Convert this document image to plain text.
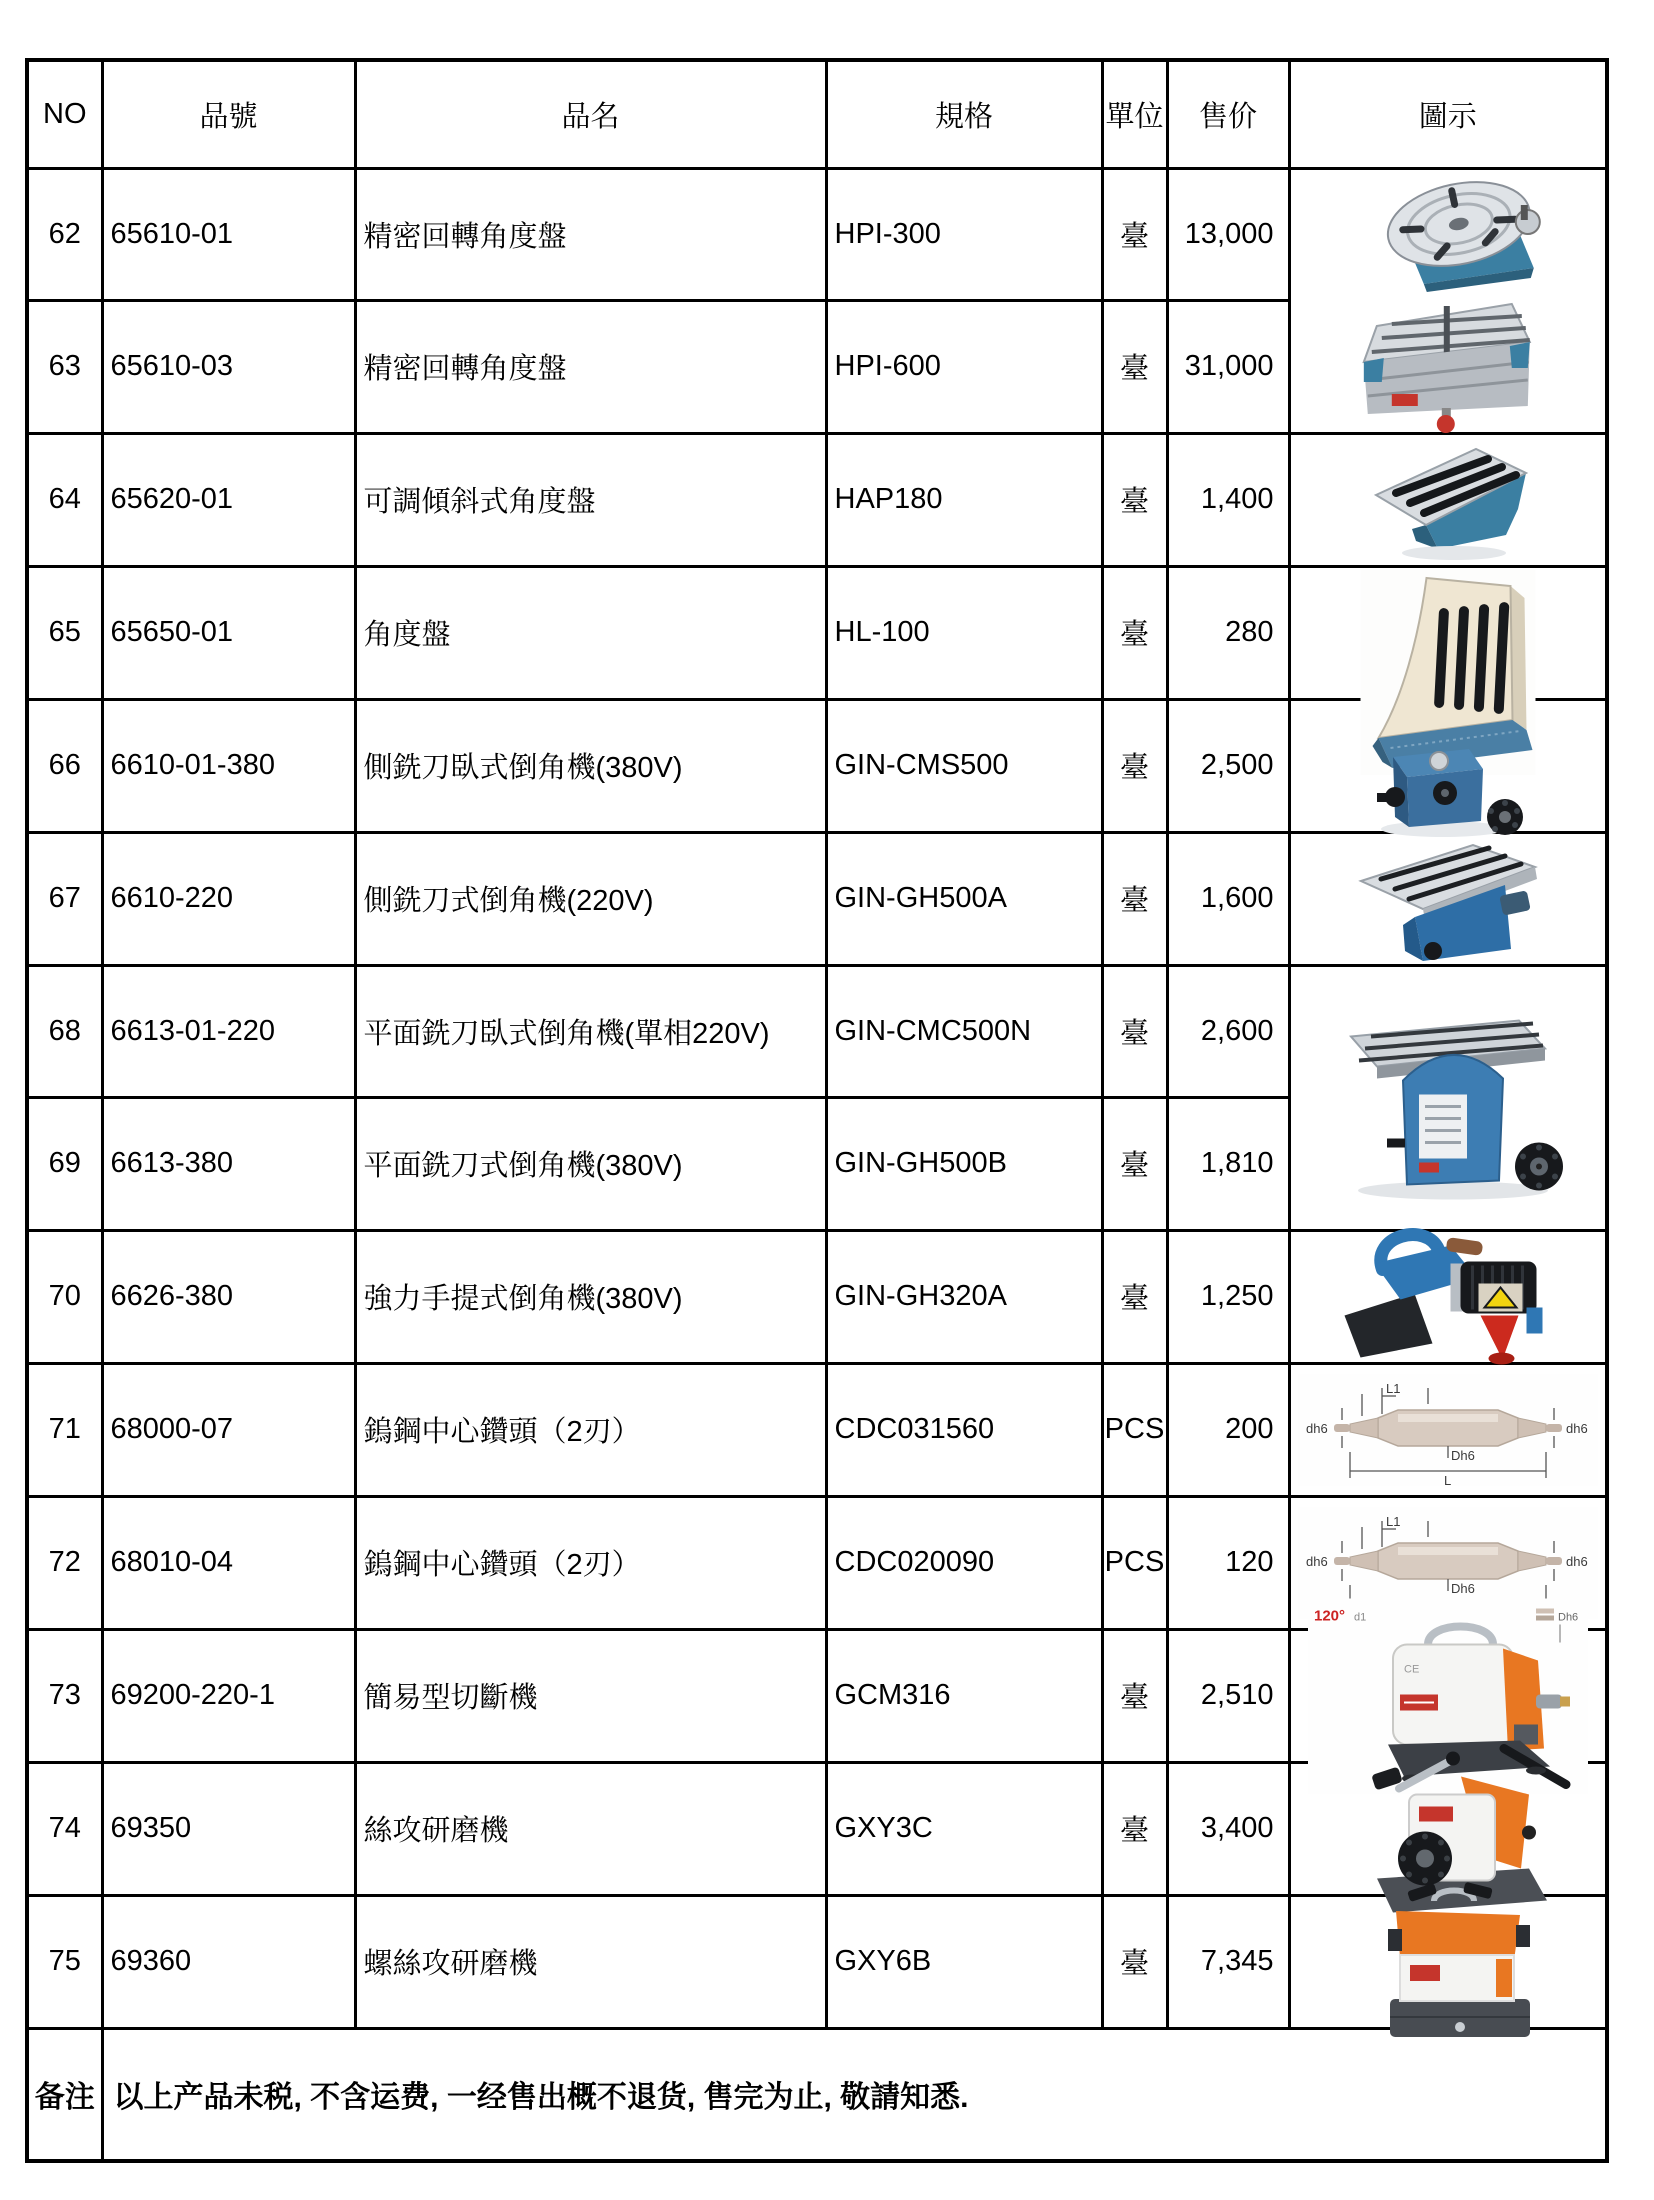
NO	品號	品名	規格	單位	售价	圖示
62	65610-01	精密回轉角度盤	HPI-300	臺	13,000	

63	65610-03	精密回轉角度盤	HPI-600	臺	31,000	
64	65620-01	可調傾斜式角度盤	HAP180	臺	1,400	

65	65650-01	角度盤	HL-100	臺	280	

66	6610-01-380	側銑刀臥式倒角機(380V)	GIN-CMS500	臺	2,500	

67	6610-220	側銑刀式倒角機(220V)	GIN-GH500A	臺	1,600	

68	6613-01-220	平面銑刀臥式倒角機(單相220V)	GIN-CMC500N	臺	2,600	

69	6613-380	平面銑刀式倒角機(380V)	GIN-GH500B	臺	1,810	
70	6626-380	強力手提式倒角機(380V)	GIN-GH320A	臺	1,250	

71	68000-07	鎢鋼中心鑽頭（2刃）	CDC031560	PCS	200	L1
dh6 dh6
Dh6
L

72	68010-04	鎢鋼中心鑽頭（2刃）	CDC020090	PCS	120	L1
dh6 dh6
Dh6

73	69200-220-1	簡易型切斷機	GCM316	臺	2,510	120° d1 Dh6
CE

74	69350	絲攻研磨機	GXY3C	臺	3,400	

75	69360	螺絲攻研磨機	GXY6B	臺	7,345	

备注	以上产品未税, 不含运费, 一经售出概不退货, 售完为止, 敬請知悉.					
